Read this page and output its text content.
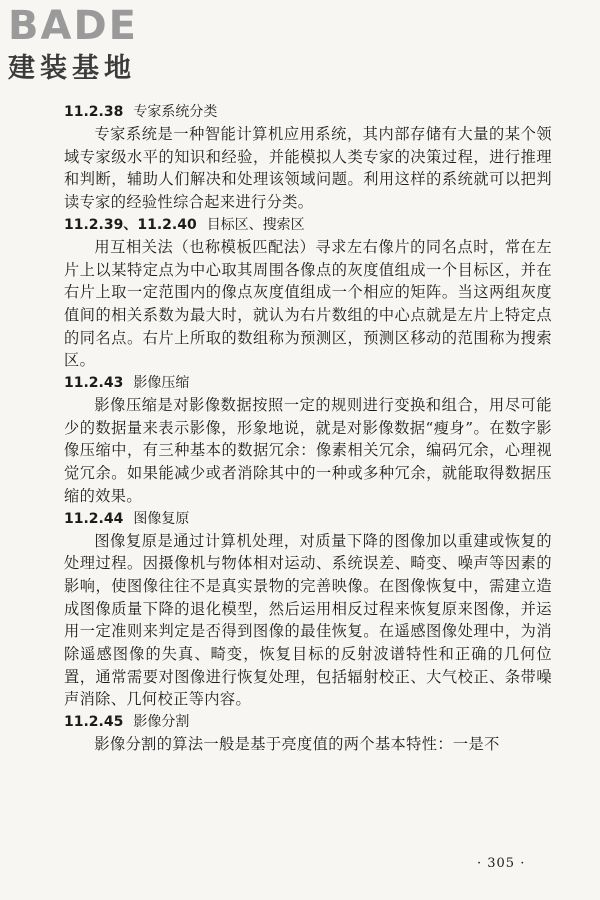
BADE
建装基地
11.2.38 专家系统分类

专家系统是一种智能计算机应用系统，其内部存储有大量的某个领域专家级水平的知识和经验，并能模拟人类专家的决策过程，进行推理和判断，辅助人们解决和处理该领域问题。利用这样的系统就可以把判读专家的经验性综合起来进行分类。

11.2.39、11.2.40 目标区、搜索区

用互相关法（也称模板匹配法）寻求左右像片的同名点时，常在左片上以某特定点为中心取其周围各像点的灰度值组成一个目标区，并在右片上取一定范围内的像点灰度值组成一个相应的矩阵。当这两组灰度值间的相关系数为最大时，就认为右片数组的中心点就是左片上特定点的同名点。右片上所取的数组称为预测区，预测区移动的范围称为搜索区。

11.2.43 影像压缩

影像压缩是对影像数据按照一定的规则进行变换和组合，用尽可能少的数据量来表示影像，形象地说，就是对影像数据“瘦身”。在数字影像压缩中，有三种基本的数据冗余：像素相关冗余，编码冗余，心理视觉冗余。如果能减少或者消除其中的一种或多种冗余，就能取得数据压缩的效果。

11.2.44 图像复原

图像复原是通过计算机处理，对质量下降的图像加以重建或恢复的处理过程。因摄像机与物体相对运动、系统误差、畸变、噪声等因素的影响，使图像往往不是真实景物的完善映像。在图像恢复中，需建立造成图像质量下降的退化模型，然后运用相反过程来恢复原来图像，并运用一定准则来判定是否得到图像的最佳恢复。在遥感图像处理中，为消除遥感图像的失真、畸变，恢复目标的反射波谱特性和正确的几何位置，通常需要对图像进行恢复处理，包括辐射校正、大气校正、条带噪声消除、几何校正等内容。

11.2.45 影像分割

影像分割的算法一般是基于亮度值的两个基本特性：一是不

· 305 ·
